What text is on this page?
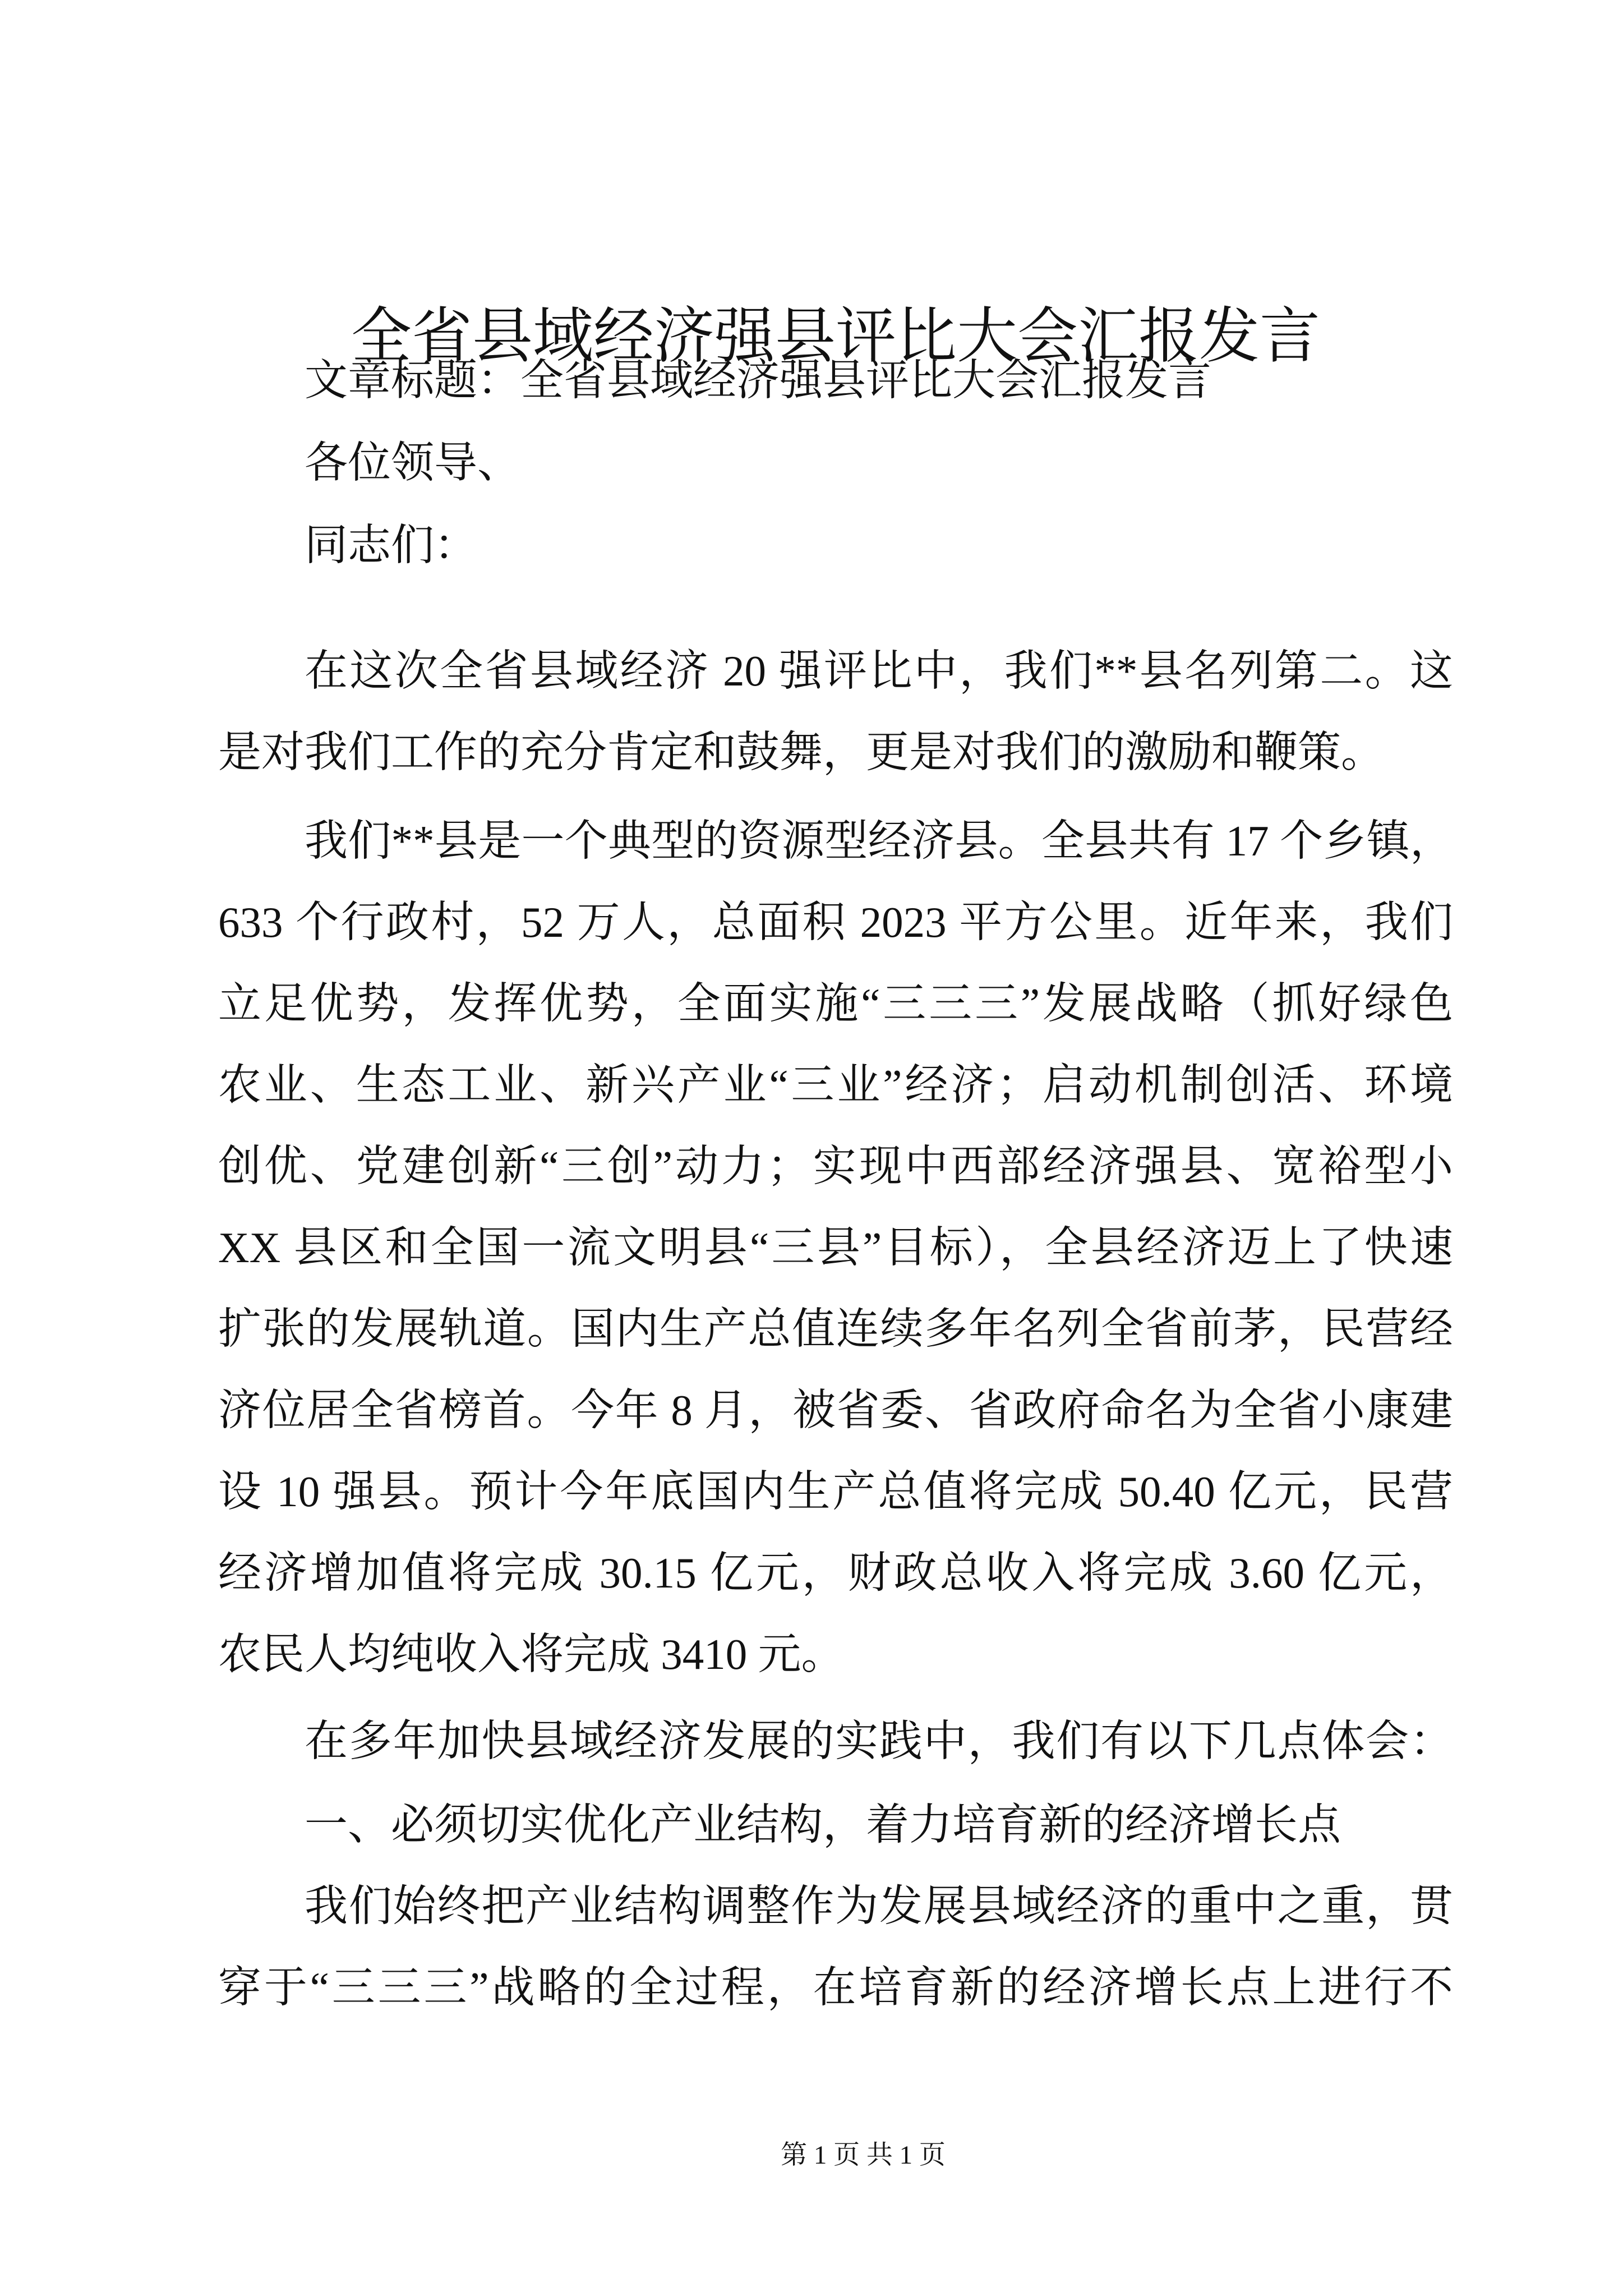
全省县域经济强县评比大会汇报发言
文章标题：全省县域经济强县评比大会汇报发言
各位领导、
同志们：
在这次全省县域经济 20 强评比中，我们**县名列第二。这
是对我们工作的充分肯定和鼓舞，更是对我们的激励和鞭策。
我们**县是一个典型的资源型经济县。全县共有 17 个乡镇，
633 个行政村，52 万人，总面积 2023 平方公里。近年来，我们
立足优势，发挥优势，全面实施“三三三”发展战略（抓好绿色
农业、生态工业、新兴产业“三业”经济；启动机制创活、环境
创优、党建创新“三创”动力；实现中西部经济强县、宽裕型小
XX 县区和全国一流文明县“三县”目标），全县经济迈上了快速
扩张的发展轨道。国内生产总值连续多年名列全省前茅，民营经
济位居全省榜首。今年 8 月，被省委、省政府命名为全省小康建
设 10 强县。预计今年底国内生产总值将完成 50.40 亿元，民营
经济增加值将完成 30.15 亿元，财政总收入将完成 3.60 亿元，
农民人均纯收入将完成 3410 元。
在多年加快县域经济发展的实践中，我们有以下几点体会：
一、必须切实优化产业结构，着力培育新的经济增长点
我们始终把产业结构调整作为发展县域经济的重中之重，贯
穿于“三三三”战略的全过程，在培育新的经济增长点上进行不
第 1 页 共 1 页
